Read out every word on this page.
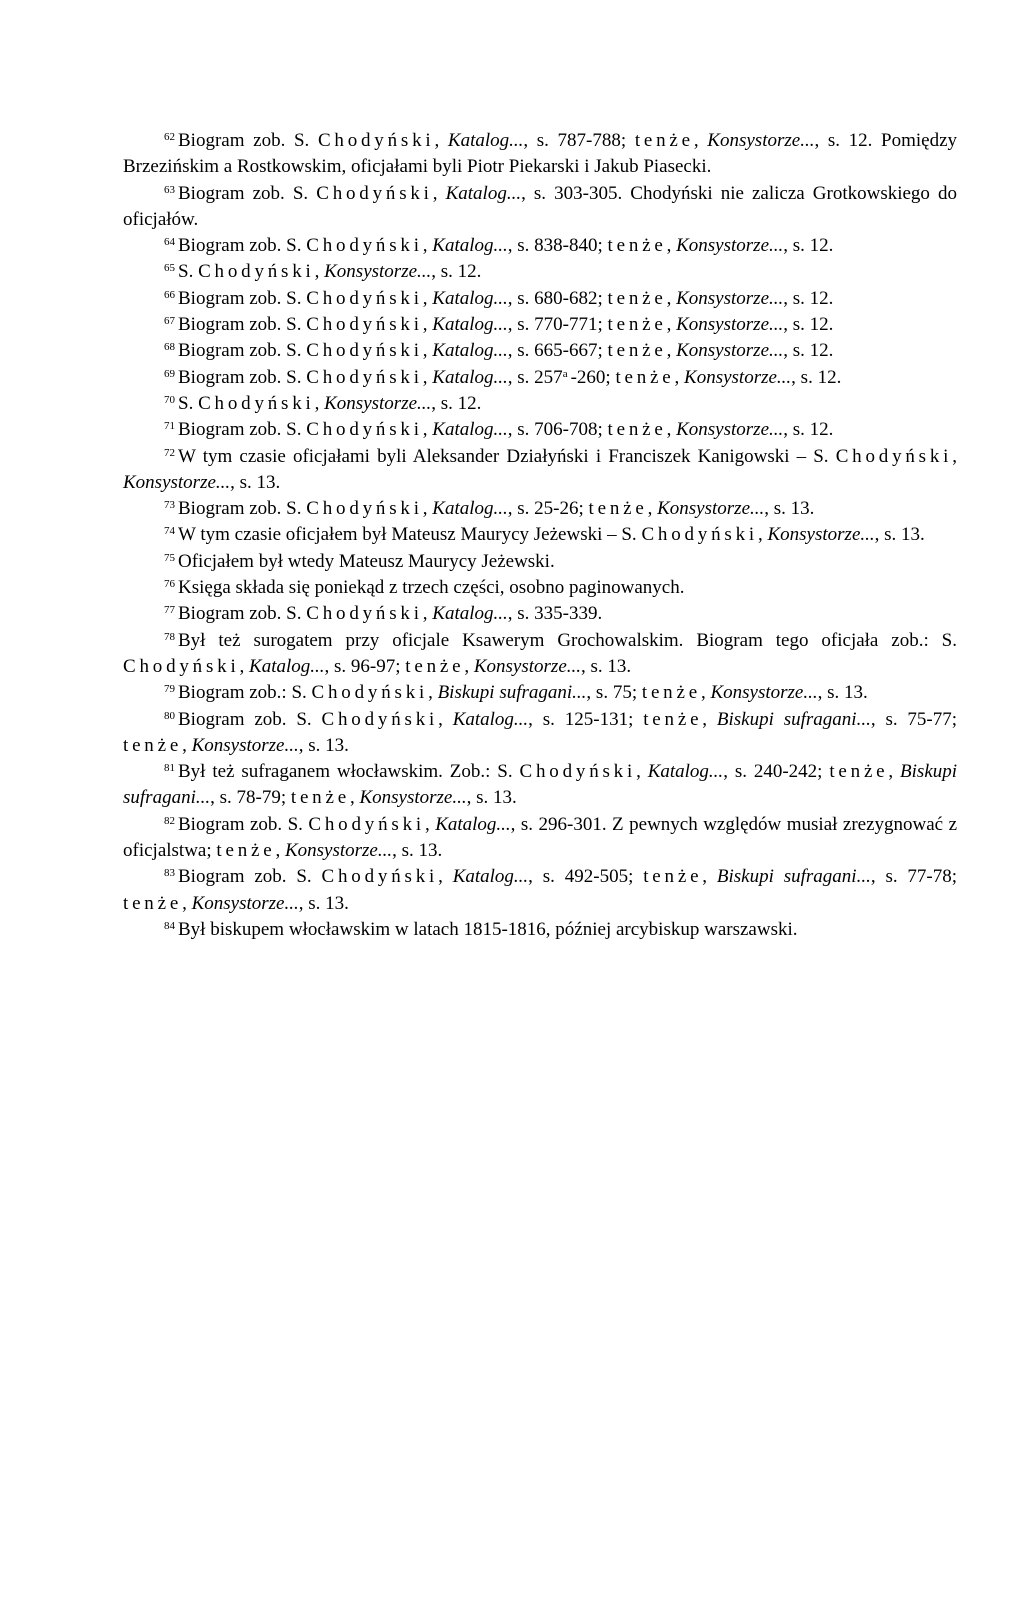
$^{62}$ Biogram zob. S. Chodyński, Katalog..., s. 787-788; tenże, Konsystorze..., s. 12. Pomiędzy Brzezińskim a Rostkowskim, oficjałami byli Piotr Piekarski i Jakub Piasecki.

$^{63}$ Biogram zob. S. Chodyński, Katalog..., s. 303-305. Chodyński nie zalicza Grotkowskiego do oficjałów.

$^{64}$ Biogram zob. S. Chodyński, Katalog..., s. 838-840; tenże, Konsystorze..., s. 12.

$^{65}$ S. Chodyński, Konsystorze..., s. 12.

$^{66}$ Biogram zob. S. Chodyński, Katalog..., s. 680-682; tenże, Konsystorze..., s. 12.

$^{67}$ Biogram zob. S. Chodyński, Katalog..., s. 770-771; tenże, Konsystorze..., s. 12.

$^{68}$ Biogram zob. S. Chodyński, Katalog..., s. 665-667; tenże, Konsystorze..., s. 12.

$^{69}$ Biogram zob. S. Chodyński, Katalog..., s. 257$^a$ -260; tenże, Konsystorze..., s. 12.

$^{70}$ S. Chodyński, Konsystorze..., s. 12.

$^{71}$ Biogram zob. S. Chodyński, Katalog..., s. 706-708; tenże, Konsystorze..., s. 12.

$^{72}$ W tym czasie oficjałami byli Aleksander Działyński i Franciszek Kanigowski – S. Chodyński, Konsystorze..., s. 13.

$^{73}$ Biogram zob. S. Chodyński, Katalog..., s. 25-26; tenże, Konsystorze..., s. 13.

$^{74}$ W tym czasie oficjałem był Mateusz Maurycy Jeżewski – S. Chodyński, Konsystorze..., s. 13.

$^{75}$ Oficjałem był wtedy Mateusz Maurycy Jeżewski.

$^{76}$ Księga składa się poniekąd z trzech części, osobno paginowanych.

$^{77}$ Biogram zob. S. Chodyński, Katalog..., s. 335-339.

$^{78}$ Był też surogatem przy oficjale Ksawerym Grochowalskim. Biogram tego oficjała zob.: S. Chodyński, Katalog..., s. 96-97; tenże, Konsystorze..., s. 13.

$^{79}$ Biogram zob.: S. Chodyński, Biskupi sufragani..., s. 75; tenże, Konsystorze..., s. 13.

$^{80}$ Biogram zob. S. Chodyński, Katalog..., s. 125-131; tenże, Biskupi sufragani..., s. 75-77; tenże, Konsystorze..., s. 13.

$^{81}$ Był też sufraganem włocławskim. Zob.: S. Chodyński, Katalog..., s. 240-242; tenże, Biskupi sufragani..., s. 78-79; tenże, Konsystorze..., s. 13.

$^{82}$ Biogram zob. S. Chodyński, Katalog..., s. 296-301. Z pewnych względów musiał zrezygnować z oficjalstwa; tenże, Konsystorze..., s. 13.

$^{83}$ Biogram zob. S. Chodyński, Katalog..., s. 492-505; tenże, Biskupi sufragani..., s. 77-78; tenże, Konsystorze..., s. 13.

$^{84}$ Był biskupem włocławskim w latach 1815-1816, później arcybiskup warszawski.
